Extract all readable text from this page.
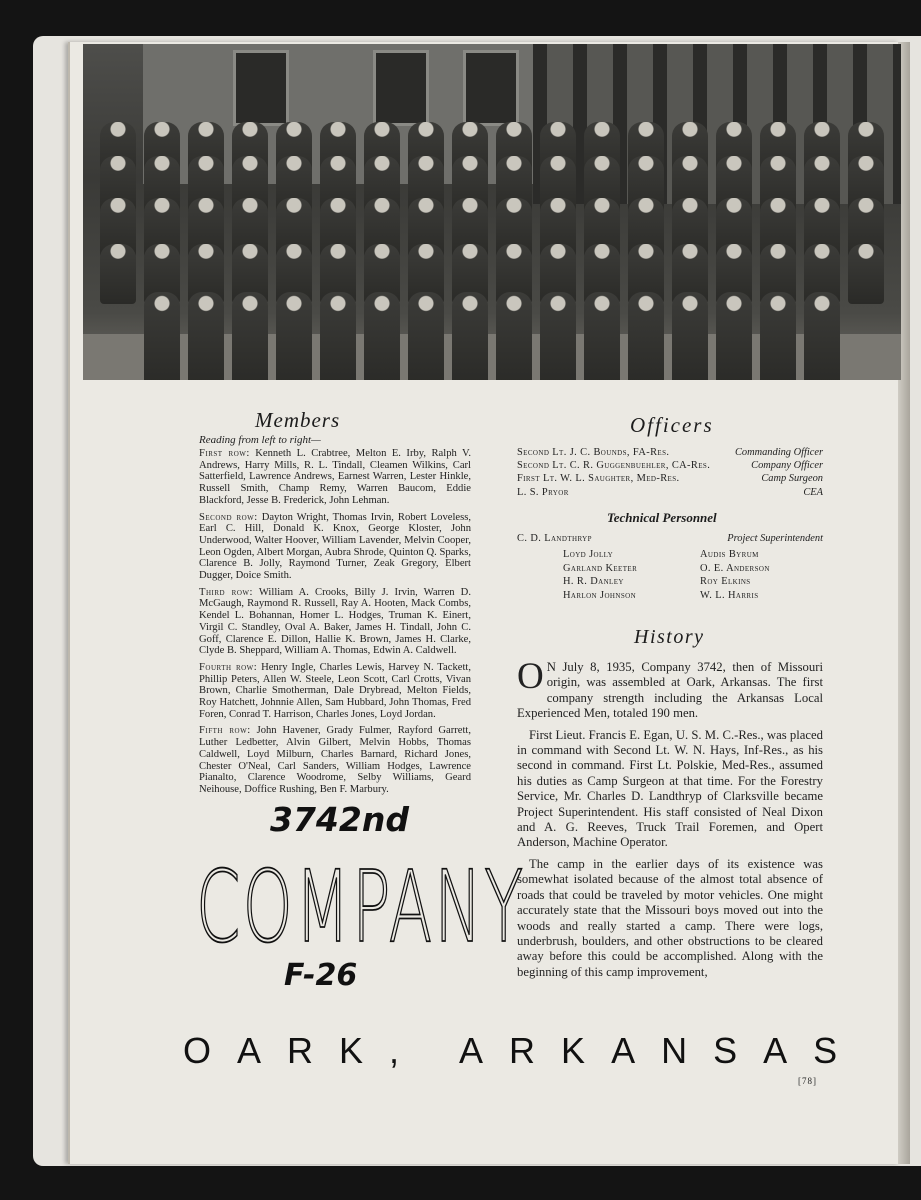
Members
Reading from left to right—

First row: Kenneth L. Crabtree, Melton E. Irby, Ralph V. Andrews, Harry Mills, R. L. Tindall, Cleamen Wilkins, Carl Satterfield, Lawrence Andrews, Earnest Warren, Lester Hinkle, Russell Smith, Champ Remy, Warren Baucom, Eddie Blackford, Jesse B. Frederick, John Lehman.

Second row: Dayton Wright, Thomas Irvin, Robert Loveless, Earl C. Hill, Donald K. Knox, George Kloster, John Underwood, Walter Hoover, William Lavender, Melvin Cooper, Leon Ogden, Albert Morgan, Aubra Shrode, Quinton Q. Sparks, Clarence B. Jolly, Raymond Turner, Zeak Gregory, Elbert Dugger, Doice Smith.

Third row: William A. Crooks, Billy J. Irvin, Warren D. McGaugh, Raymond R. Russell, Ray A. Hooten, Mack Combs, Kendel L. Bohannan, Homer L. Hodges, Truman K. Einert, Virgil C. Standley, Oval A. Baker, James H. Tindall, John C. Goff, Clarence E. Dillon, Hallie K. Brown, James H. Clarke, Clyde B. Sheppard, William A. Thomas, Edwin A. Caldwell.

Fourth row: Henry Ingle, Charles Lewis, Harvey N. Tackett, Phillip Peters, Allen W. Steele, Leon Scott, Carl Crotts, Vivan Brown, Charlie Smotherman, Dale Drybread, Melton Fields, Roy Hatchett, Johnnie Allen, Sam Hubbard, John Thomas, Fred Foren, Conrad T. Harrison, Charles Jones, Loyd Jordan.

Fifth row: John Havener, Grady Fulmer, Rayford Garrett, Luther Ledbetter, Alvin Gilbert, Melvin Hobbs, Thomas Caldwell, Loyd Milburn, Charles Barnard, Richard Jones, Chester O'Neal, Carl Sanders, William Hodges, Lawrence Pianalto, Clarence Woodrome, Selby Williams, Geard Neihouse, Doffice Rushing, Ben F. Marbury.

Officers
Second Lt. J. C. Bounds, FA-Res.	Commanding Officer
Second Lt. C. R. Guggenbuehler, CA-Res.	Company Officer
First Lt. W. L. Saughter, Med-Res.	Camp Surgeon
L. S. Pryor	CEA
Technical Personnel
C. D. Landthryp	Project Superintendent
Loyd Jolly
Garland Keeter
H. R. Danley
Harlon Johnson
Audis Byrum
O. E. Anderson
Roy Elkins
W. L. Harris
History

O N July 8, 1935, Company 3742, then of Missouri origin, was assembled at Oark, Arkansas. The first company strength including the Arkansas Local Experienced Men, totaled 190 men.

First Lieut. Francis E. Egan, U. S. M. C.-Res., was placed in command with Second Lt. W. N. Hays, Inf-Res., as his second in command. First Lt. Polskie, Med-Res., assumed his duties as Camp Surgeon at that time. For the Forestry Service, Mr. Charles D. Landthryp of Clarksville became Project Superintendent. His staff consisted of Neal Dixon and A. G. Reeves, Truck Trail Foremen, and Opert Anderson, Machine Operator.

The camp in the earlier days of its existence was somewhat isolated because of the almost total absence of roads that could be traveled by motor vehicles. One might accurately state that the Missouri boys moved out into the woods and really started a camp. There were logs, underbrush, boulders, and other obstructions to be cleared away before this could be accomplished. Along with the beginning of this camp improvement,

3742nd
COMPANY
F-26
OARK, ARKANSAS
[78]
